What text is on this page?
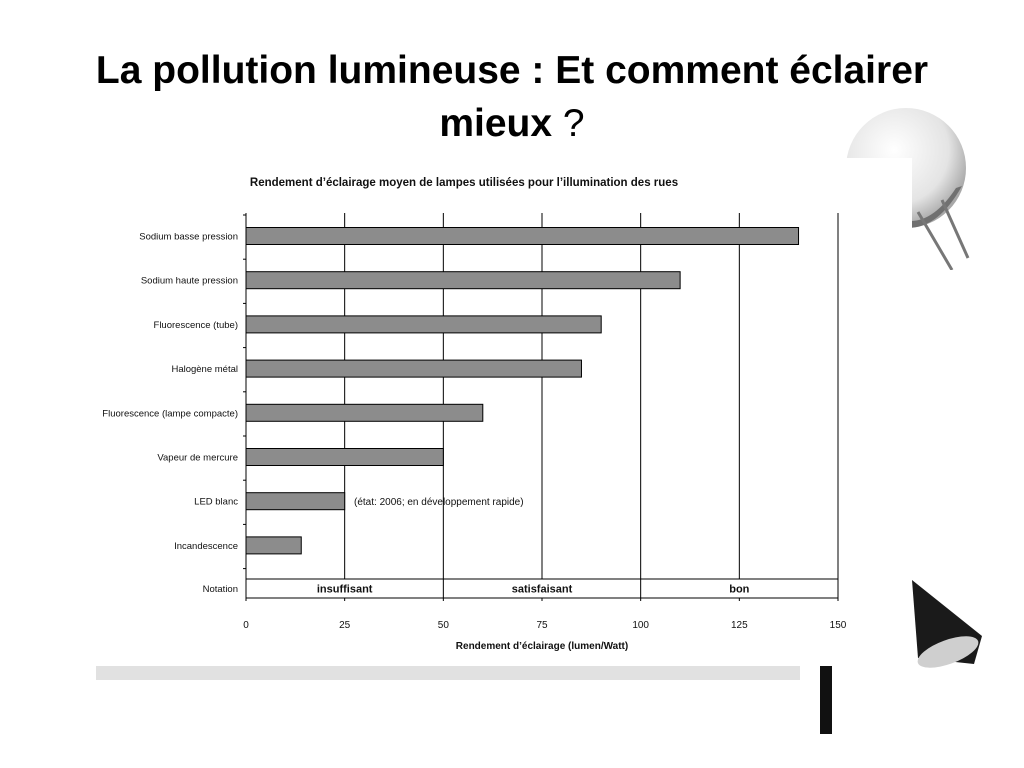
La pollution lumineuse : Et comment éclairer mieux ?
Rendement d’éclairage moyen de lampes utilisées pour l’illumination des rues
Sodium basse pression
Sodium haute pression
Fluorescence (tube)
Halogène métal
Fluorescence (lampe compacte)
Vapeur de mercure
LED blanc
Incandescence
Notation	insuffisant	satisfaisant	bon
0	25	50	75	100	125	150
(état: 2006; en développement rapide)
Rendement d’éclairage (lumen/Watt)
